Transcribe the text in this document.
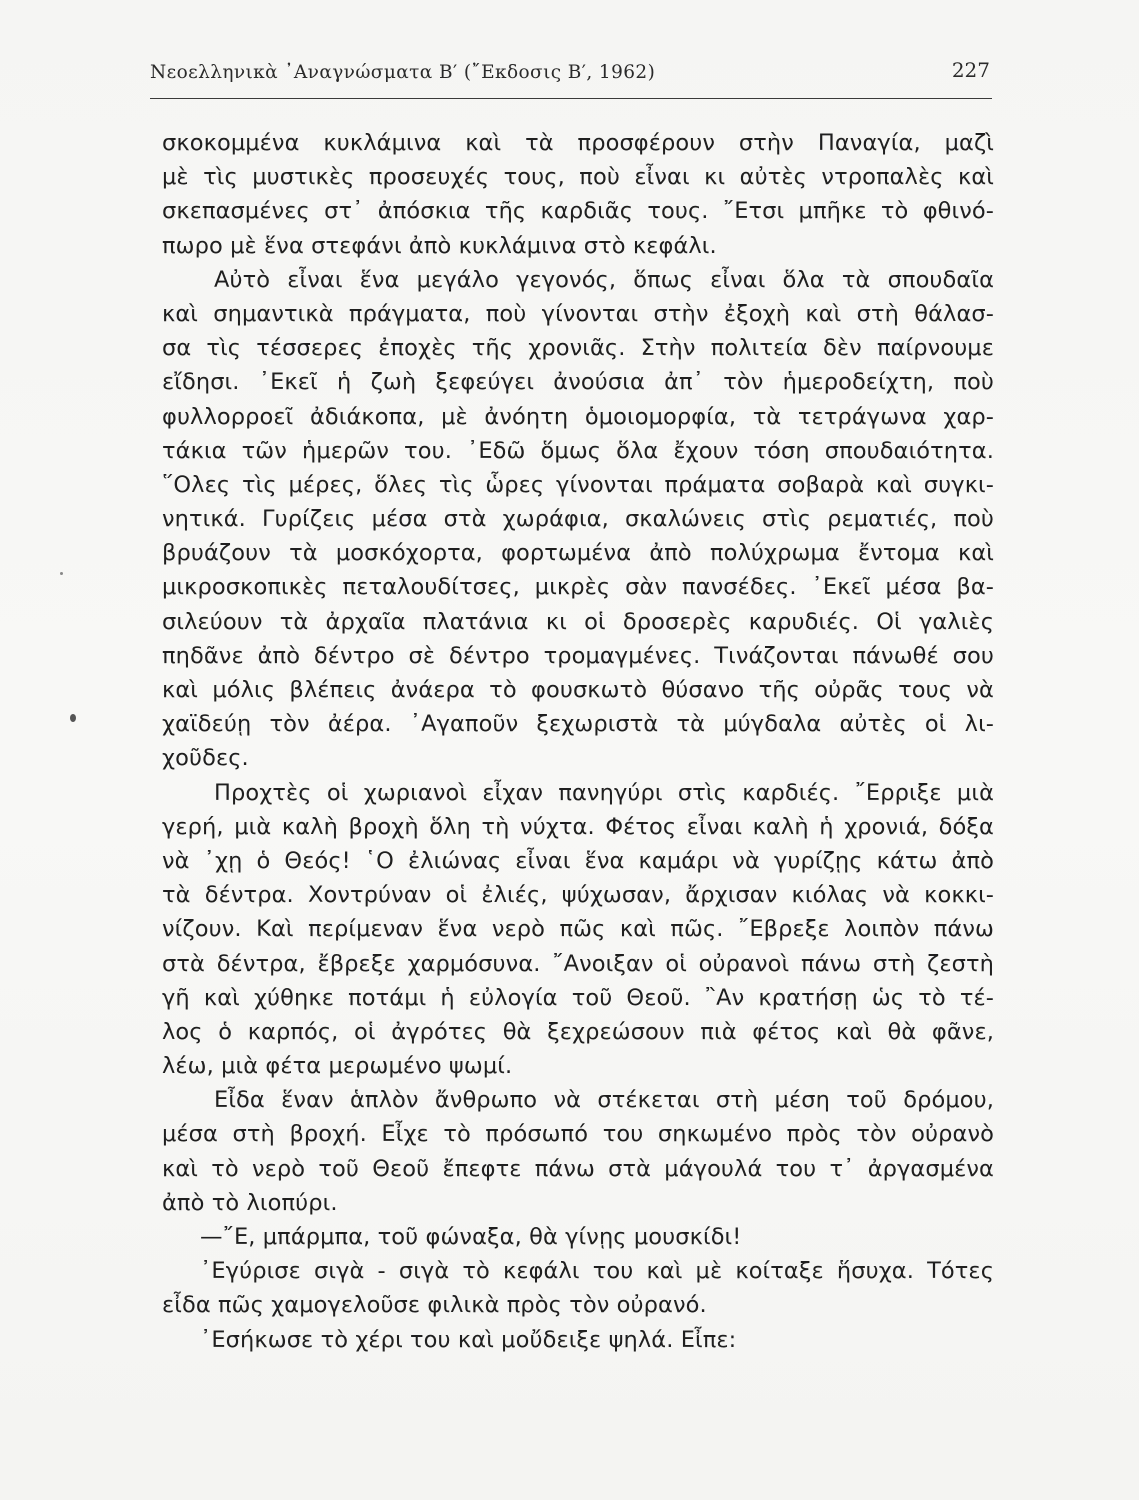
Νεοελληνικὰ ᾿Αναγνώσματα Β′ (῎Εκδοσις Β′, 1962)	227
σκοκομμένα κυκλάμινα καὶ τὰ προσφέρουν στὴν Παναγία, μαζὶ
μὲ τὶς μυστικὲς προσευχές τους, ποὺ εἶναι κι αὐτὲς ντροπαλὲς καὶ
σκεπασμένες στ᾿ ἀπόσκια τῆς καρδιᾶς τους. ῎Ετσι μπῆκε τὸ φθινό-
πωρο μὲ ἕνα στεφάνι ἀπὸ κυκλάμινα στὸ κεφάλι.
Αὐτὸ εἶναι ἕνα μεγάλο γεγονός, ὅπως εἶναι ὅλα τὰ σπουδαῖα
καὶ σημαντικὰ πράγματα, ποὺ γίνονται στὴν ἐξοχὴ καὶ στὴ θάλασ-
σα τὶς τέσσερες ἐποχὲς τῆς χρονιᾶς. Στὴν πολιτεία δὲν παίρνουμε
εἴδησι. ᾿Εκεῖ ἡ ζωὴ ξεφεύγει ἀνούσια ἀπ᾿ τὸν ἡμεροδείχτη, ποὺ
φυλλορροεῖ ἀδιάκοπα, μὲ ἀνόητη ὁμοιομορφία, τὰ τετράγωνα χαρ-
τάκια τῶν ἡμερῶν του. ᾿Εδῶ ὅμως ὅλα ἔχουν τόση σπουδαιότητα.
῞Ολες τὶς μέρες, ὅλες τὶς ὧρες γίνονται πράματα σοβαρὰ καὶ συγκι-
νητικά. Γυρίζεις μέσα στὰ χωράφια, σκαλώνεις στὶς ρεματιές, ποὺ
βρυάζουν τὰ μοσκόχορτα, φορτωμένα ἀπὸ πολύχρωμα ἔντομα καὶ
μικροσκοπικὲς πεταλουδίτσες, μικρὲς σὰν πανσέδες. ᾿Εκεῖ μέσα βα-
σιλεύουν τὰ ἀρχαῖα πλατάνια κι οἱ δροσερὲς καρυδιές. Οἱ γαλιὲς
πηδᾶνε ἀπὸ δέντρο σὲ δέντρο τρομαγμένες. Τινάζονται πάνωθέ σου
καὶ μόλις βλέπεις ἀνάερα τὸ φουσκωτὸ θύσανο τῆς οὐρᾶς τους νὰ
χαϊδεύῃ τὸν ἀέρα. ᾿Αγαποῦν ξεχωριστὰ τὰ μύγδαλα αὐτὲς οἱ λι-
χοῦδες.
Προχτὲς οἱ χωριανοὶ εἶχαν πανηγύρι στὶς καρδιές. ῎Ερριξε μιὰ
γερή, μιὰ καλὴ βροχὴ ὅλη τὴ νύχτα. Φέτος εἶναι καλὴ ἡ χρονιά, δόξα
νὰ ᾿χῃ ὁ Θεός! ῾Ο ἐλιώνας εἶναι ἕνα καμάρι νὰ γυρίζῃς κάτω ἀπὸ
τὰ δέντρα. Χοντρύναν οἱ ἐλιές, ψύχωσαν, ἄρχισαν κιόλας νὰ κοκκι-
νίζουν. Καὶ περίμεναν ἕνα νερὸ πῶς καὶ πῶς. ῎Εβρεξε λοιπὸν πάνω
στὰ δέντρα, ἔβρεξε χαρμόσυνα. ῎Ανοιξαν οἱ οὐρανοὶ πάνω στὴ ζεστὴ
γῆ καὶ χύθηκε ποτάμι ἡ εὐλογία τοῦ Θεοῦ. ῍Αν κρατήσῃ ὡς τὸ τέ-
λος ὁ καρπός, οἱ ἀγρότες θὰ ξεχρεώσουν πιὰ φέτος καὶ θὰ φᾶνε,
λέω, μιὰ φέτα μερωμένο ψωμί.
Εἶδα ἕναν ἁπλὸν ἄνθρωπο νὰ στέκεται στὴ μέση τοῦ δρόμου,
μέσα στὴ βροχή. Εἶχε τὸ πρόσωπό του σηκωμένο πρὸς τὸν οὐρανὸ
καὶ τὸ νερὸ τοῦ Θεοῦ ἔπεφτε πάνω στὰ μάγουλά του τ᾿ ἀργασμένα
ἀπὸ τὸ λιοπύρι.
—῎Ε, μπάρμπα, τοῦ φώναξα, θὰ γίνῃς μουσκίδι!
᾿Εγύρισε σιγὰ - σιγὰ τὸ κεφάλι του καὶ μὲ κοίταξε ἥσυχα. Τότες
εἶδα πῶς χαμογελοῦσε φιλικὰ πρὸς τὸν οὐρανό.
᾿Εσήκωσε τὸ χέρι του καὶ μοὔδειξε ψηλά. Εἶπε:
